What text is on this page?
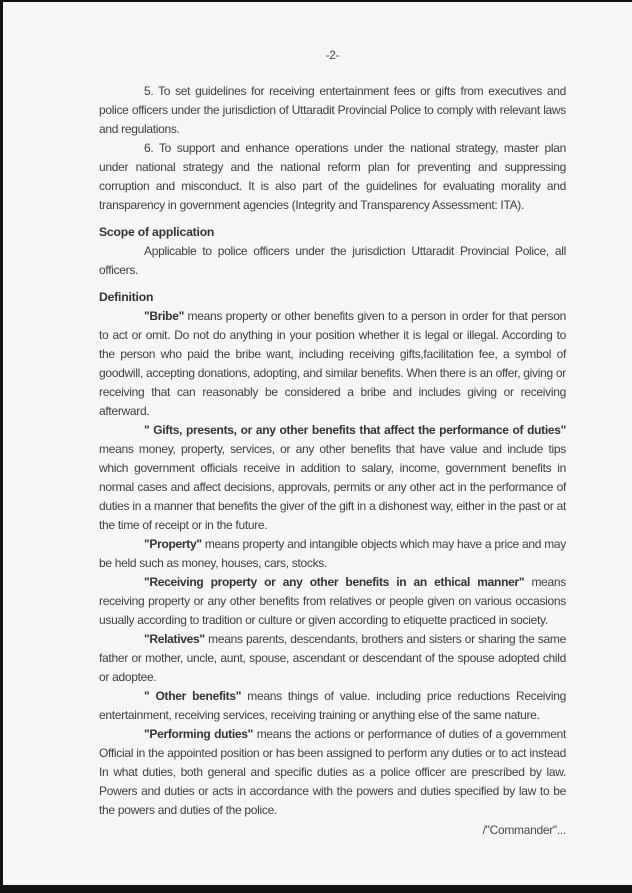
-2-

5. To set guidelines for receiving entertainment fees or gifts from executives and police officers under the jurisdiction of Uttaradit Provincial Police to comply with relevant laws and regulations.

6. To support and enhance operations under the national strategy, master plan under national strategy and the national reform plan for preventing and suppressing corruption and misconduct. It is also part of the guidelines for evaluating morality and transparency in government agencies (Integrity and Transparency Assessment: ITA).

Scope of application

Applicable to police officers under the jurisdiction Uttaradit Provincial Police, all officers.

Definition

"Bribe" means property or other benefits given to a person in order for that person to act or omit. Do not do anything in your position whether it is legal or illegal. According to the person who paid the bribe want, including receiving gifts,facilitation fee, a symbol of goodwill, accepting donations, adopting, and similar benefits. When there is an offer, giving or receiving that can reasonably be considered a bribe and includes giving or receiving afterward.

" Gifts, presents, or any other benefits that affect the performance of duties" means money, property, services, or any other benefits that have value and include tips which government officials receive in addition to salary, income, government benefits in normal cases and affect decisions, approvals, permits or any other act in the performance of duties in a manner that benefits the giver of the gift in a dishonest way, either in the past or at the time of receipt or in the future.

"Property" means property and intangible objects which may have a price and may be held such as money, houses, cars, stocks.

"Receiving property or any other benefits in an ethical manner" means receiving property or any other benefits from relatives or people given on various occasions usually according to tradition or culture or given according to etiquette practiced in society.

"Relatives" means parents, descendants, brothers and sisters or sharing the same father or mother, uncle, aunt, spouse, ascendant or descendant of the spouse adopted child or adoptee.

" Other benefits" means things of value. including price reductions Receiving entertainment, receiving services, receiving training or anything else of the same nature.

"Performing duties" means the actions or performance of duties of a government Official in the appointed position or has been assigned to perform any duties or to act instead In what duties, both general and specific duties as a police officer are prescribed by law. Powers and duties or acts in accordance with the powers and duties specified by law to be the powers and duties of the police.

/"Commander"...
